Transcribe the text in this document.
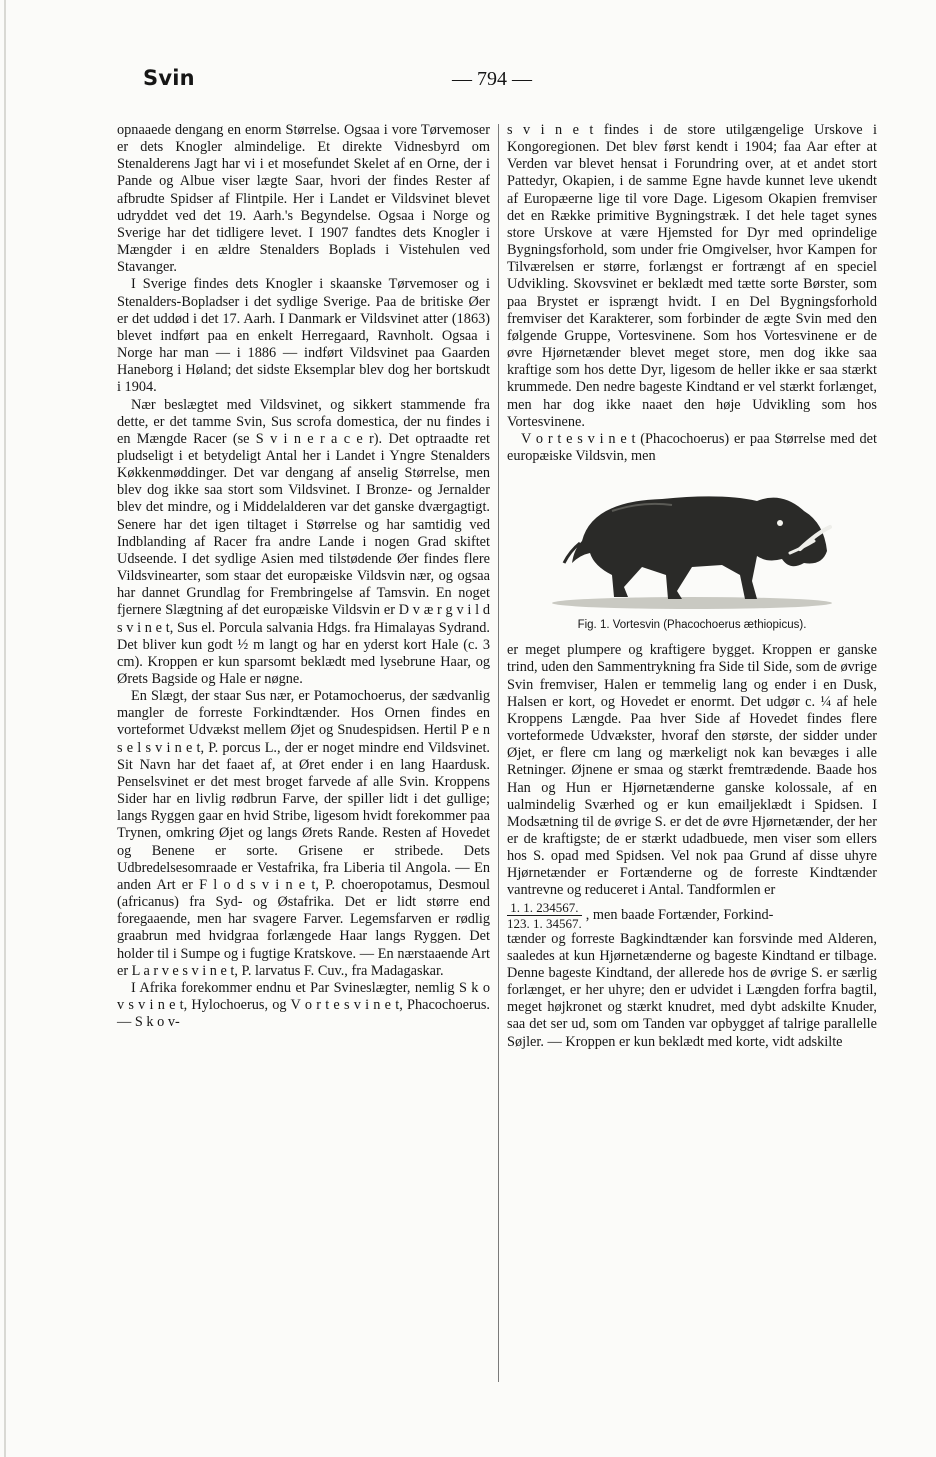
Svin	— 794 —

opnaaede dengang en enorm Størrelse. Ogsaa i vore Tørvemoser er dets Knogler almindelige. Et direkte Vidnesbyrd om Stenalderens Jagt har vi i et mosefundet Skelet af en Orne, der i Pande og Albue viser lægte Saar, hvori der findes Rester af afbrudte Spidser af Flintpile. Her i Landet er Vildsvinet blevet udryddet ved det 19. Aarh.'s Begyndelse. Ogsaa i Norge og Sverige har det tidligere levet. I 1907 fandtes dets Knogler i Mængder i en ældre Stenalders Boplads i Vistehulen ved Stavanger.

I Sverige findes dets Knogler i skaanske Tørvemoser og i Stenalders-Bopladser i det sydlige Sverige. Paa de britiske Øer er det uddød i det 17. Aarh. I Danmark er Vildsvinet atter (1863) blevet indført paa en enkelt Herregaard, Ravnholt. Ogsaa i Norge har man — i 1886 — indført Vildsvinet paa Gaarden Haneborg i Høland; det sidste Eksemplar blev dog her bortskudt i 1904.

Nær beslægtet med Vildsvinet, og sikkert stammende fra dette, er det tamme Svin, Sus scrofa domestica, der nu findes i en Mængde Racer (se S v i n e r a c e r). Det optraadte ret pludseligt i et betydeligt Antal her i Landet i Yngre Stenalders Køkkenmøddinger. Det var dengang af anselig Størrelse, men blev dog ikke saa stort som Vildsvinet. I Bronze- og Jernalder blev det mindre, og i Middelalderen var det ganske dværgagtigt. Senere har det igen tiltaget i Størrelse og har samtidig ved Indblanding af Racer fra andre Lande i nogen Grad skiftet Udseende. I det sydlige Asien med tilstødende Øer findes flere Vildsvinearter, som staar det europæiske Vildsvin nær, og ogsaa har dannet Grundlag for Frembringelse af Tamsvin. En noget fjernere Slægtning af det europæiske Vildsvin er D v æ r g v i l d s v i n e t, Sus el. Porcula salvania Hdgs. fra Himalayas Sydrand. Det bliver kun godt ½ m langt og har en yderst kort Hale (c. 3 cm). Kroppen er kun sparsomt beklædt med lysebrune Haar, og Ørets Bagside og Hale er nøgne.

En Slægt, der staar Sus nær, er Potamochoerus, der sædvanlig mangler de forreste Forkindtænder. Hos Ornen findes en vorteformet Udvækst mellem Øjet og Snudespidsen. Hertil P e n s e l s v i n e t, P. porcus L., der er noget mindre end Vildsvinet. Sit Navn har det faaet af, at Øret ender i en lang Haardusk. Penselsvinet er det mest broget farvede af alle Svin. Kroppens Sider har en livlig rødbrun Farve, der spiller lidt i det gullige; langs Ryggen gaar en hvid Stribe, ligesom hvidt forekommer paa Trynen, omkring Øjet og langs Ørets Rande. Resten af Hovedet og Benene er sorte. Grisene er stribede. Dets Udbredelsesomraade er Vestafrika, fra Liberia til Angola. — En anden Art er F l o d s v i n e t, P. choeropotamus, Desmoul (africanus) fra Syd- og Østafrika. Det er lidt større end foregaaende, men har svagere Farver. Legemsfarven er rødlig graabrun med hvidgraa forlængede Haar langs Ryggen. Det holder til i Sumpe og i fugtige Kratskove. — En nærstaaende Art er L a r v e s v i n e t, P. larvatus F. Cuv., fra Madagaskar.

I Afrika forekommer endnu et Par Svineslægter, nemlig S k o v s v i n e t, Hylochoerus, og V o r t e s v i n e t, Phacochoerus. — S k o v-

s v i n e t findes i de store utilgængelige Urskove i Kongoregionen. Det blev først kendt i 1904; faa Aar efter at Verden var blevet hensat i Forundring over, at et andet stort Pattedyr, Okapien, i de samme Egne havde kunnet leve ukendt af Europæerne lige til vore Dage. Ligesom Okapien fremviser det en Række primitive Bygningstræk. I det hele taget synes store Urskove at være Hjemsted for Dyr med oprindelige Bygningsforhold, som under frie Omgivelser, hvor Kampen for Tilværelsen er større, forlængst er fortrængt af en speciel Udvikling. Skovsvinet er beklædt med tætte sorte Børster, som paa Brystet er isprængt hvidt. I en Del Bygningsforhold fremviser det Karakterer, som forbinder de ægte Svin med den følgende Gruppe, Vortesvinene. Som hos Vortesvinene er de øvre Hjørnetænder blevet meget store, men dog ikke saa kraftige som hos dette Dyr, ligesom de heller ikke er saa stærkt krummede. Den nedre bageste Kindtand er vel stærkt forlænget, men har dog ikke naaet den høje Udvikling som hos Vortesvinene.

V o r t e s v i n e t (Phacochoerus) er paa Størrelse med det europæiske Vildsvin, men

Fig. 1. Vortesvin (Phacochoerus æthiopicus).

er meget plumpere og kraftigere bygget. Kroppen er ganske trind, uden den Sammentrykning fra Side til Side, som de øvrige Svin fremviser, Halen er temmelig lang og ender i en Dusk, Halsen er kort, og Hovedet er enormt. Det udgør c. ¼ af hele Kroppens Længde. Paa hver Side af Hovedet findes flere vorteformede Udvækster, hvoraf den største, der sidder under Øjet, er flere cm lang og mærkeligt nok kan bevæges i alle Retninger. Øjnene er smaa og stærkt fremtrædende. Baade hos Han og Hun er Hjørnetænderne ganske kolossale, af en ualmindelig Sværhed og er kun emailjeklædt i Spidsen. I Modsætning til de øvrige S. er det de øvre Hjørnetænder, der her er de kraftigste; de er stærkt udadbuede, men viser som ellers hos S. opad med Spidsen. Vel nok paa Grund af disse uhyre Hjørnetænder er Fortænderne og de forreste Kindtænder vantrevne og reduceret i Antal. Tandformlen er

$\frac{1. 1. 234567.}{123. 1. 34567.}$ , men baade Fortænder, Forkind-

tænder og forreste Bagkindtænder kan forsvinde med Alderen, saaledes at kun Hjørnetænderne og bageste Kindtand er tilbage. Denne bageste Kindtand, der allerede hos de øvrige S. er særlig forlænget, er her uhyre; den er udvidet i Længden forfra bagtil, meget højkronet og stærkt knudret, med dybt adskilte Knuder, saa det ser ud, som om Tanden var opbygget af talrige parallelle Søjler. — Kroppen er kun beklædt med korte, vidt adskilte
